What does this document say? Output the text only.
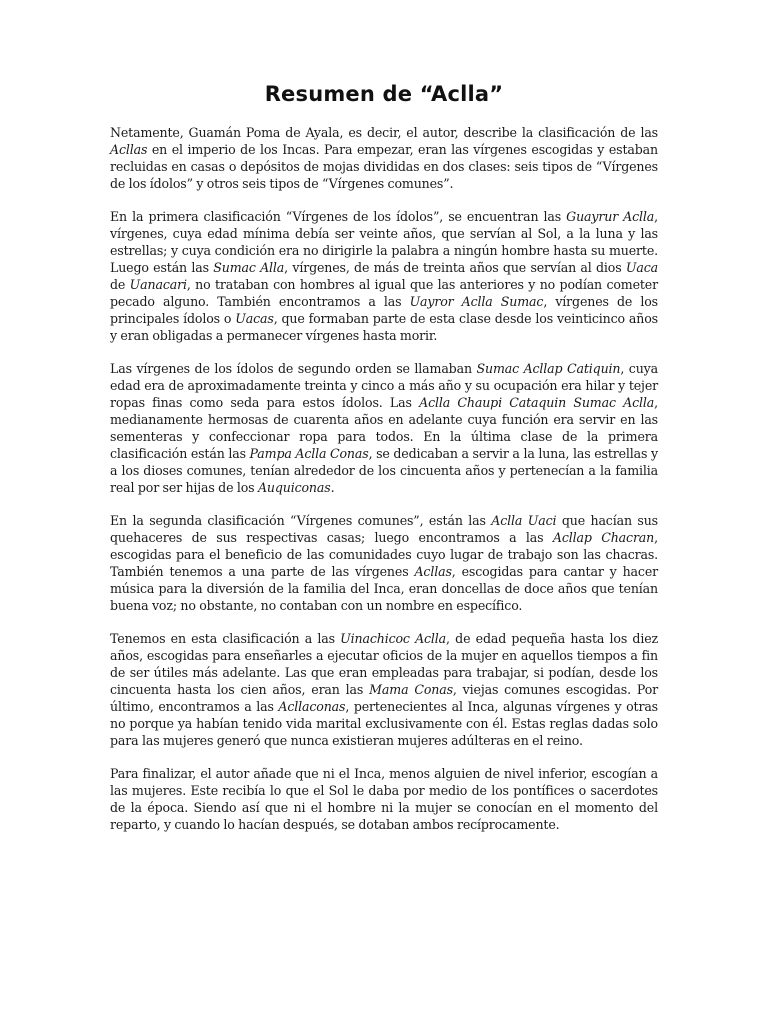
Resumen de “Aclla”

Netamente, Guamán Poma de Ayala, es decir, el autor, describe la clasificación de las Acllas en el imperio de los Incas. Para empezar, eran las vírgenes escogidas y estaban recluidas en casas o depósitos de mojas divididas en dos clases: seis tipos de “Vírgenes de los ídolos” y otros seis tipos de “Vírgenes comunes”.

En la primera clasificación “Vírgenes de los ídolos”, se encuentran las Guayrur Aclla, vírgenes, cuya edad mínima debía ser veinte años, que servían al Sol, a la luna y las estrellas; y cuya condición era no dirigirle la palabra a ningún hombre hasta su muerte. Luego están las Sumac Alla, vírgenes, de más de treinta años que servían al dios Uaca de Uanacari, no trataban con hombres al igual que las anteriores y no podían cometer pecado alguno. También encontramos a las Uayror Aclla Sumac, vírgenes de los principales ídolos o Uacas, que formaban parte de esta clase desde los veinticinco años y eran obligadas a permanecer vírgenes hasta morir.

Las vírgenes de los ídolos de segundo orden se llamaban Sumac Acllap Catiquin, cuya edad era de aproximadamente treinta y cinco a más año y su ocupación era hilar y tejer ropas finas como seda para estos ídolos. Las Aclla Chaupi Cataquin Sumac Aclla, medianamente hermosas de cuarenta años en adelante cuya función era servir en las sementeras y confeccionar ropa para todos. En la última clase de la primera clasificación están las Pampa Aclla Conas, se dedicaban a servir a la luna, las estrellas y a los dioses comunes, tenían alrededor de los cincuenta años y pertenecían a la familia real por ser hijas de los Auquiconas.

En la segunda clasificación “Vírgenes comunes”, están las Aclla Uaci que hacían sus quehaceres de sus respectivas casas; luego encontramos a las Acllap Chacran, escogidas para el beneficio de las comunidades cuyo lugar de trabajo son las chacras. También tenemos a una parte de las vírgenes Acllas, escogidas para cantar y hacer música para la diversión de la familia del Inca, eran doncellas de doce años que tenían buena voz; no obstante, no contaban con un nombre en específico.

Tenemos en esta clasificación a las Uinachicoc Aclla, de edad pequeña hasta los diez años, escogidas para enseñarles a ejecutar oficios de la mujer en aquellos tiempos a fin de ser útiles más adelante. Las que eran empleadas para trabajar, si podían, desde los cincuenta hasta los cien años, eran las Mama Conas, viejas comunes escogidas. Por último, encontramos a las Acllaconas, pertenecientes al Inca, algunas vírgenes y otras no porque ya habían tenido vida marital exclusivamente con él. Estas reglas dadas solo para las mujeres generó que nunca existieran mujeres adúlteras en el reino.

Para finalizar, el autor añade que ni el Inca, menos alguien de nivel inferior, escogían a las mujeres. Este recibía lo que el Sol le daba por medio de los pontífices o sacerdotes de la época. Siendo así que ni el hombre ni la mujer se conocían en el momento del reparto, y cuando lo hacían después, se dotaban ambos recíprocamente.
